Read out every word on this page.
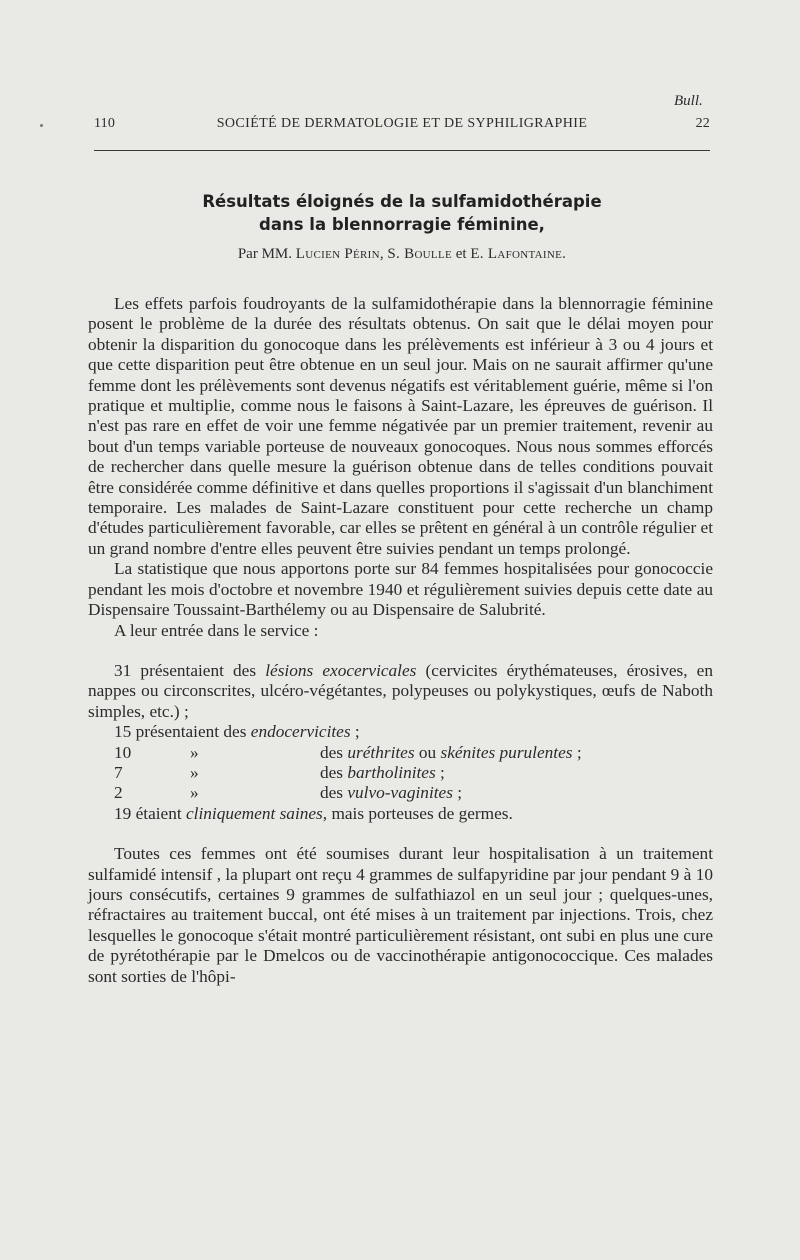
Bull.
110	SOCIÉTÉ DE DERMATOLOGIE ET DE SYPHILIGRAPHIE	22
Résultats éloignés de la sulfamidothérapie
dans la blennorragie féminine,
Par MM. Lucien Périn, S. Boulle et E. Lafontaine.

Les effets parfois foudroyants de la sulfamidothérapie dans la blennorragie féminine posent le problème de la durée des résultats obtenus. On sait que le délai moyen pour obtenir la disparition du gonocoque dans les prélèvements est inférieur à 3 ou 4 jours et que cette disparition peut être obtenue en un seul jour. Mais on ne saurait affirmer qu'une femme dont les prélèvements sont devenus négatifs est véritablement guérie, même si l'on pratique et multiplie, comme nous le faisons à Saint-Lazare, les épreuves de guérison. Il n'est pas rare en effet de voir une femme négativée par un premier traitement, revenir au bout d'un temps variable porteuse de nouveaux gonocoques. Nous nous sommes efforcés de rechercher dans quelle mesure la guérison obtenue dans de telles conditions pouvait être considérée comme définitive et dans quelles proportions il s'agissait d'un blanchiment temporaire. Les malades de Saint-Lazare constituent pour cette recherche un champ d'études particulièrement favorable, car elles se prêtent en général à un contrôle régulier et un grand nombre d'entre elles peuvent être suivies pendant un temps prolongé.

La statistique que nous apportons porte sur 84 femmes hospitalisées pour gonococcie pendant les mois d'octobre et novembre 1940 et régulièrement suivies depuis cette date au Dispensaire Toussaint-Barthélemy ou au Dispensaire de Salubrité.

A leur entrée dans le service :

31 présentaient des lésions exocervicales (cervicites érythémateuses, érosives, en nappes ou circonscrites, ulcéro-végétantes, polypeuses ou polykystiques, œufs de Naboth simples, etc.) ;

15 présentaient des endocervicites ;

10	»	des uréthrites ou skénites purulentes ;
7	»	des bartholinites ;
2	»	des vulvo-vaginites ;

19 étaient cliniquement saines, mais porteuses de germes.

Toutes ces femmes ont été soumises durant leur hospitalisation à un traitement sulfamidé intensif , la plupart ont reçu 4 grammes de sulfapyridine par jour pendant 9 à 10 jours consécutifs, certaines 9 grammes de sulfathiazol en un seul jour ; quelques-unes, réfractaires au traitement buccal, ont été mises à un traitement par injections. Trois, chez lesquelles le gonocoque s'était montré particulièrement résistant, ont subi en plus une cure de pyrétothérapie par le Dmelcos ou de vaccinothérapie antigonococcique. Ces malades sont sorties de l'hôpi-
